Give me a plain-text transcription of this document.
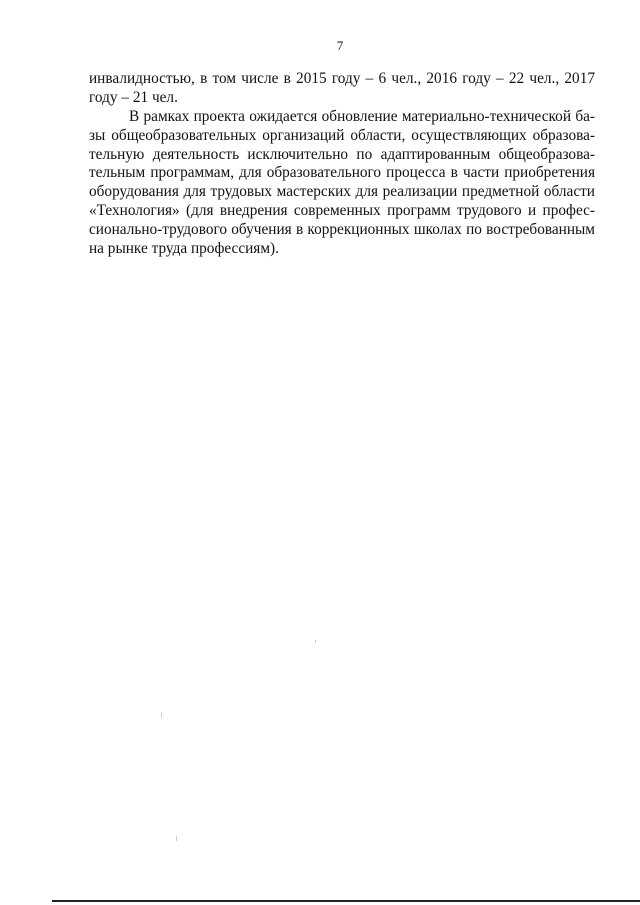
7
инвалидностью, в том числе в 2015 году – 6 чел., 2016 году – 22 чел., 2017
году – 21 чел.
В рамках проекта ожидается обновление материально-технической ба-
зы общеобразовательных организаций области, осуществляющих образова-
тельную деятельность исключительно по адаптированным общеобразова-
тельным программам, для образовательного процесса в части приобретения
оборудования для трудовых мастерских для реализации предметной области
«Технология» (для внедрения современных программ трудового и профес-
сионально-трудового обучения в коррекционных школах по востребованным
на рынке труда профессиям).
